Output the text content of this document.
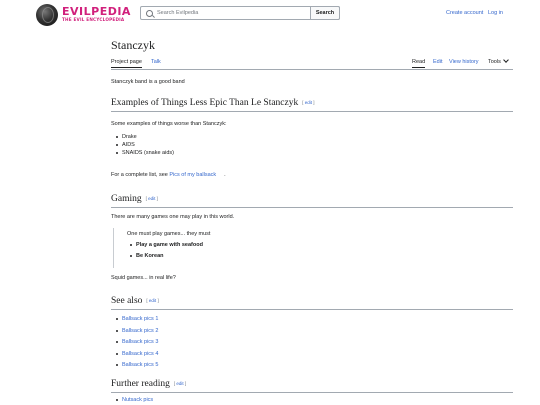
EVILPEDIA
THE EVIL ENCYCLOPEDIA
Search Evilpedia
Search	Create account Log in
Stanczyk
Project page Talk	Read Edit View history Tools

Stanczyk band is a good band

Examples of Things Less Epic Than Le Stanczyk [ edit ]

Some examples of things worse than Stanczyk:

Drake
AIDS
SNAIDS (snake aids)

For a complete list, see Pics of my ballsack .

Gaming [ edit ]

There are many games one may play in this world.

One must play games... they must

Play a game with seafood
Be Korean

Squid games... in real life?

See also [ edit ]
Ballsack pics 1
Ballsack pics 2
Ballsack pics 3
Ballsack pics 4
Ballsack pics 5
Further reading [ edit ]
Nutsack pics
